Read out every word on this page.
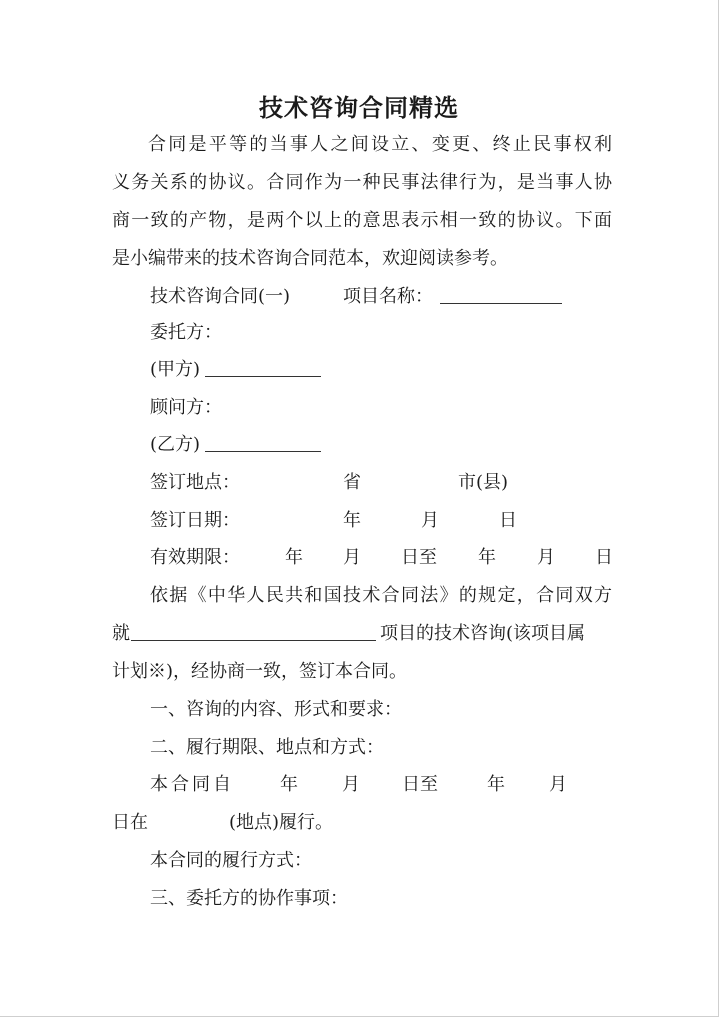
技术咨询合同精选
合同是平等的当事人之间设立、变更、终止民事权利
义务关系的协议。合同作为一种民事法律行为，是当事人协
商一致的产物，是两个以上的意思表示相一致的协议。下面
是小编带来的技术咨询合同范本，欢迎阅读参考。
技术咨询合同(一)	项目名称：
委托方：
(甲方)
顾问方：
(乙方)
签订地点：	省	市(县)
签订日期：	年	月	日
有效期限：	年 月 日至 年 月 日
依据《中华人民共和国技术合同法》的规定，合同双方
就	项目的技术咨询(该项目属
计划※)，经协商一致，签订本合同。
一、咨询的内容、形式和要求：
二、履行期限、地点和方式：
本合同自	年 月 日至	年 月
日在	(地点)履行。
本合同的履行方式：
三、委托方的协作事项：
